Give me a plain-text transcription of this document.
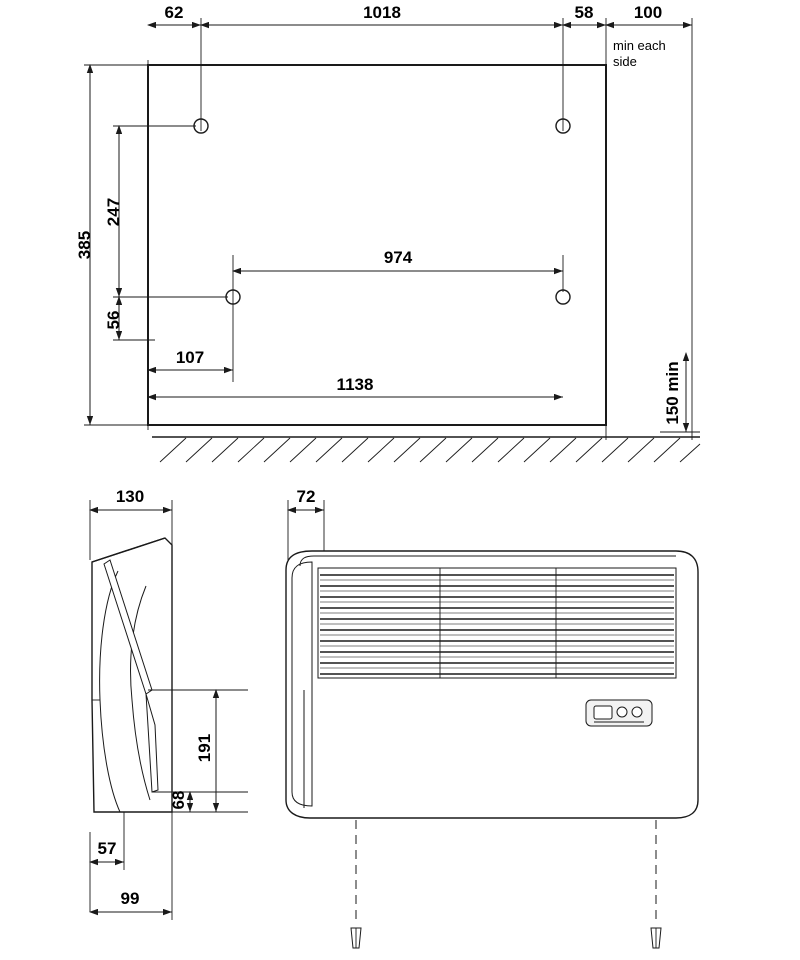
62	1018	58 100
min each
side
385
247
56
974
107
1138	150 min
130
191
68
57
99
72
